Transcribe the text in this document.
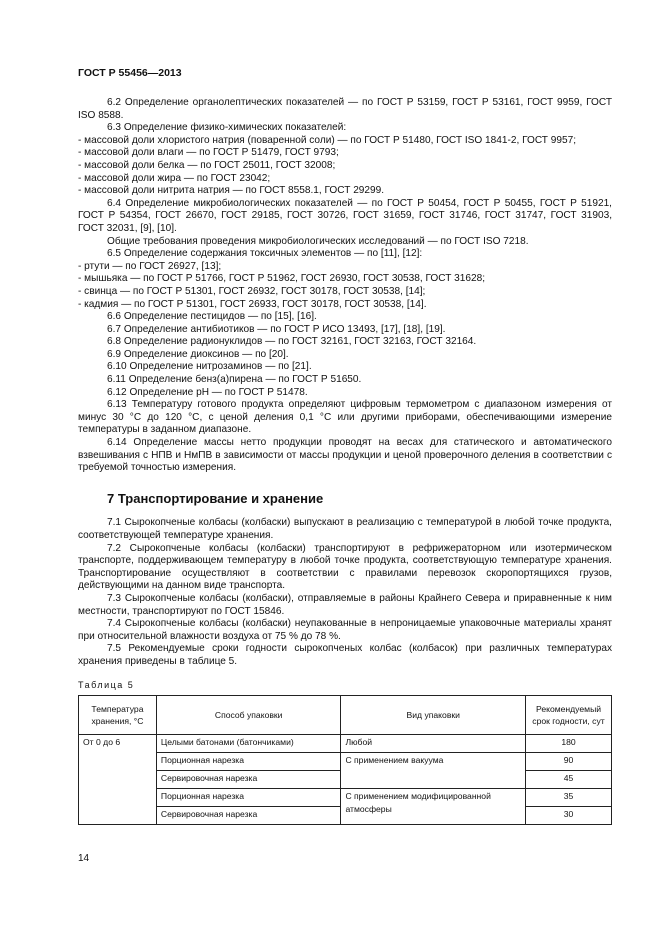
ГОСТ Р 55456—2013

6.2 Определение органолептических показателей — по ГОСТ Р 53159, ГОСТ Р 53161, ГОСТ 9959, ГОСТ ISO 8588.

6.3 Определение физико-химических показателей:

- массовой доли хлористого натрия (поваренной соли) — по ГОСТ Р 51480, ГОСТ ISO 1841-2, ГОСТ 9957;

- массовой доли влаги — по ГОСТ Р 51479, ГОСТ 9793;

- массовой доли белка — по ГОСТ 25011, ГОСТ 32008;

- массовой доли жира — по ГОСТ 23042;

- массовой доли нитрита натрия — по ГОСТ 8558.1, ГОСТ 29299.

6.4 Определение микробиологических показателей — по ГОСТ Р 50454, ГОСТ Р 50455, ГОСТ Р 51921, ГОСТ Р 54354, ГОСТ 26670, ГОСТ 29185, ГОСТ 30726, ГОСТ 31659, ГОСТ 31746, ГОСТ 31747, ГОСТ 31903, ГОСТ 32031, [9], [10].

Общие требования проведения микробиологических исследований — по ГОСТ ISO 7218.

6.5 Определение содержания токсичных элементов — по [11], [12]:

- ртути — по ГОСТ 26927, [13];

- мышьяка — по ГОСТ Р 51766, ГОСТ Р 51962, ГОСТ 26930, ГОСТ 30538, ГОСТ 31628;

- свинца — по ГОСТ Р 51301, ГОСТ 26932, ГОСТ 30178, ГОСТ 30538, [14];

- кадмия — по ГОСТ Р 51301, ГОСТ 26933, ГОСТ 30178, ГОСТ 30538, [14].

6.6 Определение пестицидов — по [15], [16].

6.7 Определение антибиотиков — по ГОСТ Р ИСО 13493, [17], [18], [19].

6.8 Определение радионуклидов — по ГОСТ 32161, ГОСТ 32163, ГОСТ 32164.

6.9 Определение диоксинов — по [20].

6.10 Определение нитрозаминов — по [21].

6.11 Определение бенз(а)пирена — по ГОСТ Р 51650.

6.12 Определение pH — по ГОСТ Р 51478.

6.13 Температуру готового продукта определяют цифровым термометром с диапазоном измерения от минус 30 °С до 120 °С, с ценой деления 0,1 °С или другими приборами, обеспечивающими измерение температуры в заданном диапазоне.

6.14 Определение массы нетто продукции проводят на весах для статического и автоматического взвешивания с НПВ и НмПВ в зависимости от массы продукции и ценой проверочного деления в соответствии с требуемой точностью измерения.

7 Транспортирование и хранение

7.1 Сырокопченые колбасы (колбаски) выпускают в реализацию с температурой в любой точке продукта, соответствующей температуре хранения.

7.2 Сырокопченые колбасы (колбаски) транспортируют в рефрижераторном или изотермическом транспорте, поддерживающем температуру в любой точке продукта, соответствующую температуре хранения. Транспортирование осуществляют в соответствии с правилами перевозок скоропортящихся грузов, действующими на данном виде транспорта.

7.3 Сырокопченые колбасы (колбаски), отправляемые в районы Крайнего Севера и приравненные к ним местности, транспортируют по ГОСТ 15846.

7.4 Сырокопченые колбасы (колбаски) неупакованные в непроницаемые упаковочные материалы хранят при относительной влажности воздуха от 75 % до 78 %.

7.5 Рекомендуемые сроки годности сырокопченых колбас (колбасок) при различных температурах хранения приведены в таблице 5.

Таблица 5
Температура хранения, °С	Способ упаковки	Вид упаковки	Рекомендуемый срок годности, сут
От 0 до 6	Целыми батонами (батончиками)	Любой	180
	Порционная нарезка	С применением вакуума	90
	Сервировочная нарезка		45
	Порционная нарезка	С применением модифицированной атмосферы	35
	Сервировочная нарезка		30
14
